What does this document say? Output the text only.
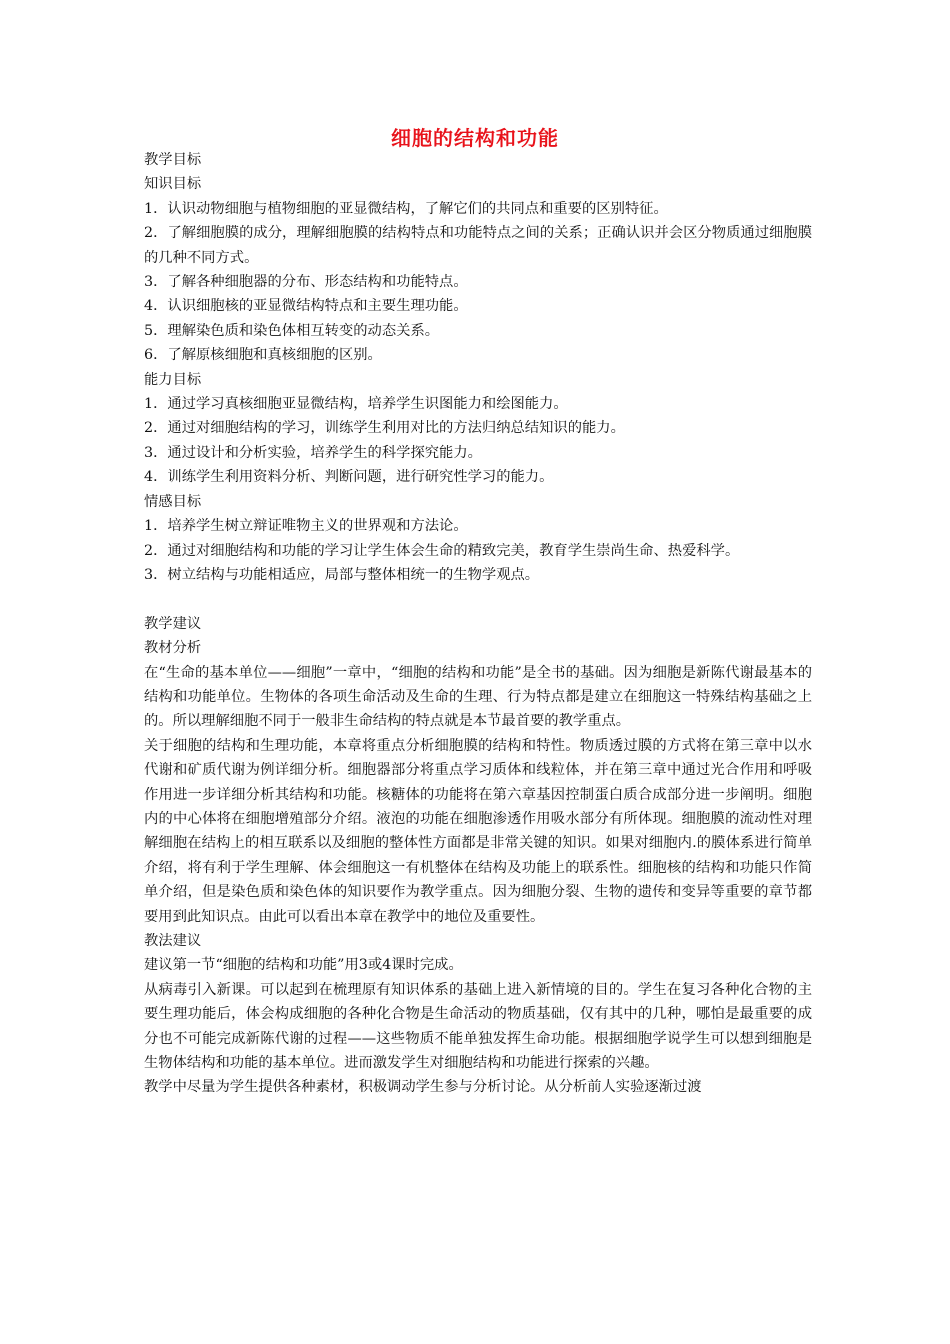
细胞的结构和功能

教学目标

知识目标

1．认识动物细胞与植物细胞的亚显微结构，了解它们的共同点和重要的区别特征。

2．了解细胞膜的成分，理解细胞膜的结构特点和功能特点之间的关系；正确认识并会区分物质通过细胞膜的几种不同方式。

3．了解各种细胞器的分布、形态结构和功能特点。

4．认识细胞核的亚显微结构特点和主要生理功能。

5．理解染色质和染色体相互转变的动态关系。

6．了解原核细胞和真核细胞的区别。

能力目标

1．通过学习真核细胞亚显微结构，培养学生识图能力和绘图能力。

2．通过对细胞结构的学习，训练学生利用对比的方法归纳总结知识的能力。

3．通过设计和分析实验，培养学生的科学探究能力。

4．训练学生利用资料分析、判断问题，进行研究性学习的能力。

情感目标

1．培养学生树立辩证唯物主义的世界观和方法论。

2．通过对细胞结构和功能的学习让学生体会生命的精致完美，教育学生崇尚生命、热爱科学。

3．树立结构与功能相适应，局部与整体相统一的生物学观点。

教学建议

教材分析

在“生命的基本单位——细胞”一章中，“细胞的结构和功能”是全书的基础。因为细胞是新陈代谢最基本的结构和功能单位。生物体的各项生命活动及生命的生理、行为特点都是建立在细胞这一特殊结构基础之上的。所以理解细胞不同于一般非生命结构的特点就是本节最首要的教学重点。

关于细胞的结构和生理功能，本章将重点分析细胞膜的结构和特性。物质透过膜的方式将在第三章中以水代谢和矿质代谢为例详细分析。细胞器部分将重点学习质体和线粒体，并在第三章中通过光合作用和呼吸作用进一步详细分析其结构和功能。核糖体的功能将在第六章基因控制蛋白质合成部分进一步阐明。细胞内的中心体将在细胞增殖部分介绍。液泡的功能在细胞渗透作用吸水部分有所体现。细胞膜的流动性对理解细胞在结构上的相互联系以及细胞的整体性方面都是非常关键的知识。如果对细胞内.的膜体系进行简单介绍，将有利于学生理解、体会细胞这一有机整体在结构及功能上的联系性。细胞核的结构和功能只作简单介绍，但是染色质和染色体的知识要作为教学重点。因为细胞分裂、生物的遗传和变异等重要的章节都要用到此知识点。由此可以看出本章在教学中的地位及重要性。

教法建议

建议第一节“细胞的结构和功能”用3或4课时完成。

从病毒引入新课。可以起到在梳理原有知识体系的基础上进入新情境的目的。学生在复习各种化合物的主要生理功能后，体会构成细胞的各种化合物是生命活动的物质基础，仅有其中的几种，哪怕是最重要的成分也不可能完成新陈代谢的过程——这些物质不能单独发挥生命功能。根据细胞学说学生可以想到细胞是生物体结构和功能的基本单位。进而激发学生对细胞结构和功能进行探索的兴趣。

教学中尽量为学生提供各种素材，积极调动学生参与分析讨论。从分析前人实验逐渐过渡
